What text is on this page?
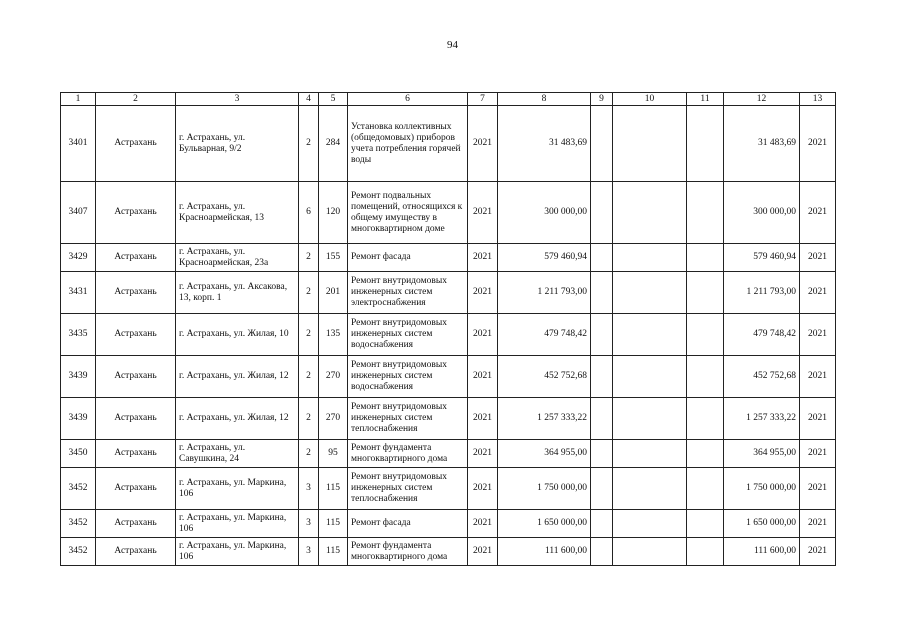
94
1	2	3	4	5	6	7	8	9	10	11	12	13
3401	Астрахань	г. Астрахань, ул. Бульварная, 9/2	2	284	Установка коллективных (общедомовых) приборов учета потребления горячей воды	2021	31 483,69				31 483,69	2021
3407	Астрахань	г. Астрахань, ул. Красноармейская, 13	6	120	Ремонт подвальных помещений, относящихся к общему имуществу в многоквартирном доме	2021	300 000,00				300 000,00	2021
3429	Астрахань	г. Астрахань, ул. Красноармейская, 23а	2	155	Ремонт фасада	2021	579 460,94				579 460,94	2021
3431	Астрахань	г. Астрахань, ул. Аксакова, 13, корп. 1	2	201	Ремонт внутридомовых инженерных систем электроснабжения	2021	1 211 793,00				1 211 793,00	2021
3435	Астрахань	г. Астрахань, ул. Жилая, 10	2	135	Ремонт внутридомовых инженерных систем водоснабжения	2021	479 748,42				479 748,42	2021
3439	Астрахань	г. Астрахань, ул. Жилая, 12	2	270	Ремонт внутридомовых инженерных систем водоснабжения	2021	452 752,68				452 752,68	2021
3439	Астрахань	г. Астрахань, ул. Жилая, 12	2	270	Ремонт внутридомовых инженерных систем теплоснабжения	2021	1 257 333,22				1 257 333,22	2021
3450	Астрахань	г. Астрахань, ул. Савушкина, 24	2	95	Ремонт фундамента многоквартирного дома	2021	364 955,00				364 955,00	2021
3452	Астрахань	г. Астрахань, ул. Маркина, 106	3	115	Ремонт внутридомовых инженерных систем теплоснабжения	2021	1 750 000,00				1 750 000,00	2021
3452	Астрахань	г. Астрахань, ул. Маркина, 106	3	115	Ремонт фасада	2021	1 650 000,00				1 650 000,00	2021
3452	Астрахань	г. Астрахань, ул. Маркина, 106	3	115	Ремонт фундамента многоквартирного дома	2021	111 600,00				111 600,00	2021
